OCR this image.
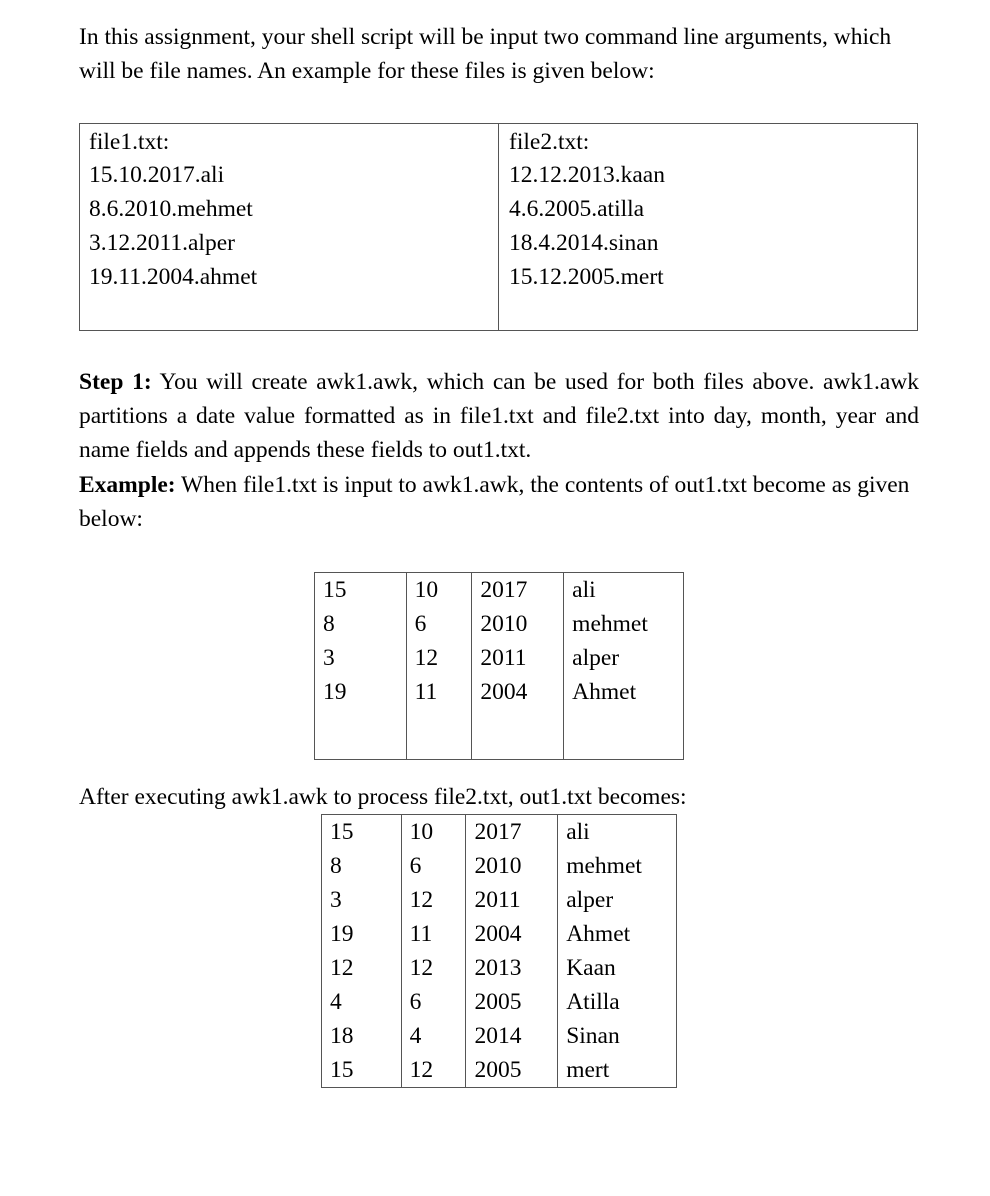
In this assignment, your shell script will be input two command line arguments, which will be file names. An example for these files is given below:

file1.txt:
15.10.2017.ali
8.6.2010.mehmet
3.12.2011.alper
19.11.2004.ahmet
file2.txt:
12.12.2013.kaan
4.6.2005.atilla
18.4.2014.sinan
15.12.2005.mert

Step 1: You will create awk1.awk, which can be used for both files above. awk1.awk partitions a date value formatted as in file1.txt and file2.txt into day, month, year and name fields and appends these fields to out1.txt.

Example: When file1.txt is input to awk1.awk, the contents of out1.txt become as given below:

15	10	2017	ali
8	6	2010	mehmet
3	12	2011	alper
19	11	2004	Ahmet

After executing awk1.awk to process file2.txt, out1.txt becomes:

15	10	2017	ali
8	6	2010	mehmet
3	12	2011	alper
19	11	2004	Ahmet
12	12	2013	Kaan
4	6	2005	Atilla
18	4	2014	Sinan
15	12	2005	mert
